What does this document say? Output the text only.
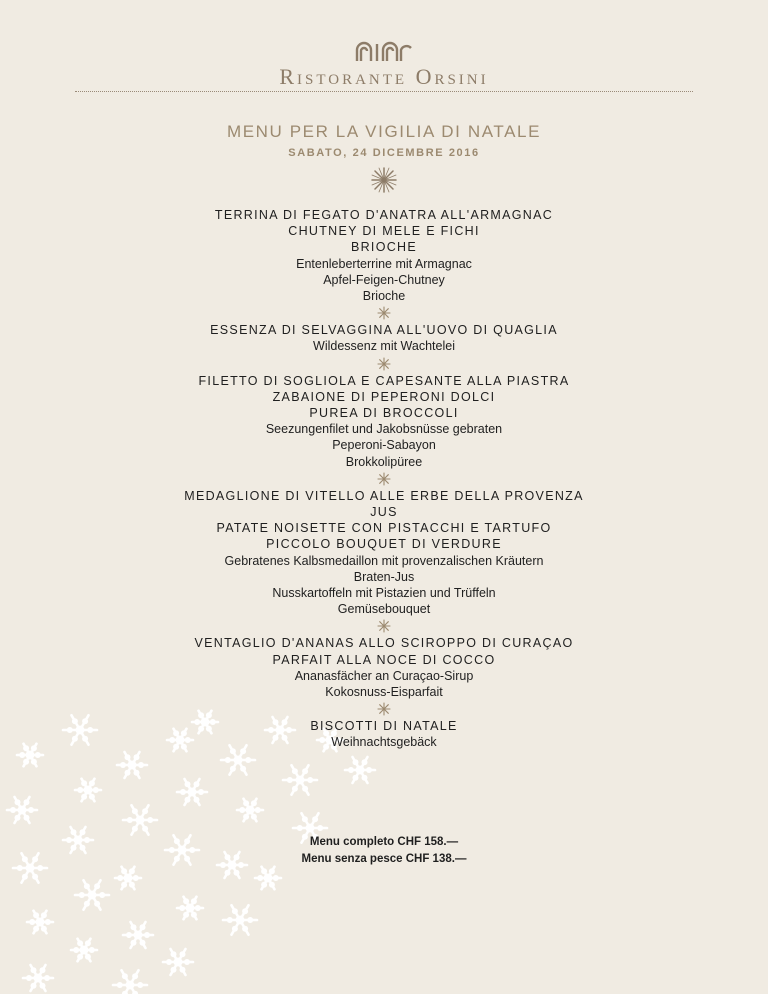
Ristorante Orsini
MENU PER LA VIGILIA DI NATALE
SABATO, 24 DICEMBRE 2016
TERRINA DI FEGATO D'ANATRA ALL'ARMAGNAC
CHUTNEY DI MELE E FICHI
BRIOCHE
Entenleberterrine mit Armagnac
Apfel-Feigen-Chutney
Brioche
ESSENZA DI SELVAGGINA ALL'UOVO DI QUAGLIA
Wildessenz mit Wachtelei
FILETTO DI SOGLIOLA E CAPESANTE ALLA PIASTRA
ZABAIONE DI PEPERONI DOLCI
PUREA DI BROCCOLI
Seezungenfilet und Jakobsnüsse gebraten
Peperoni-Sabayon
Brokkolipüree
MEDAGLIONE DI VITELLO ALLE ERBE DELLA PROVENZA
JUS
PATATE NOISETTE CON PISTACCHI E TARTUFO
PICCOLO BOUQUET DI VERDURE
Gebratenes Kalbsmedaillon mit provenzalischen Kräutern
Braten-Jus
Nusskartoffeln mit Pistazien und Trüffeln
Gemüsebouquet
VENTAGLIO D'ANANAS ALLO SCIROPPO DI CURAÇAO
PARFAIT ALLA NOCE DI COCCO
Ananasfächer an Curaçao-Sirup
Kokosnuss-Eisparfait
BISCOTTI DI NATALE
Weihnachtsgebäck
Menu completo CHF 158.—
Menu senza pesce CHF 138.—
